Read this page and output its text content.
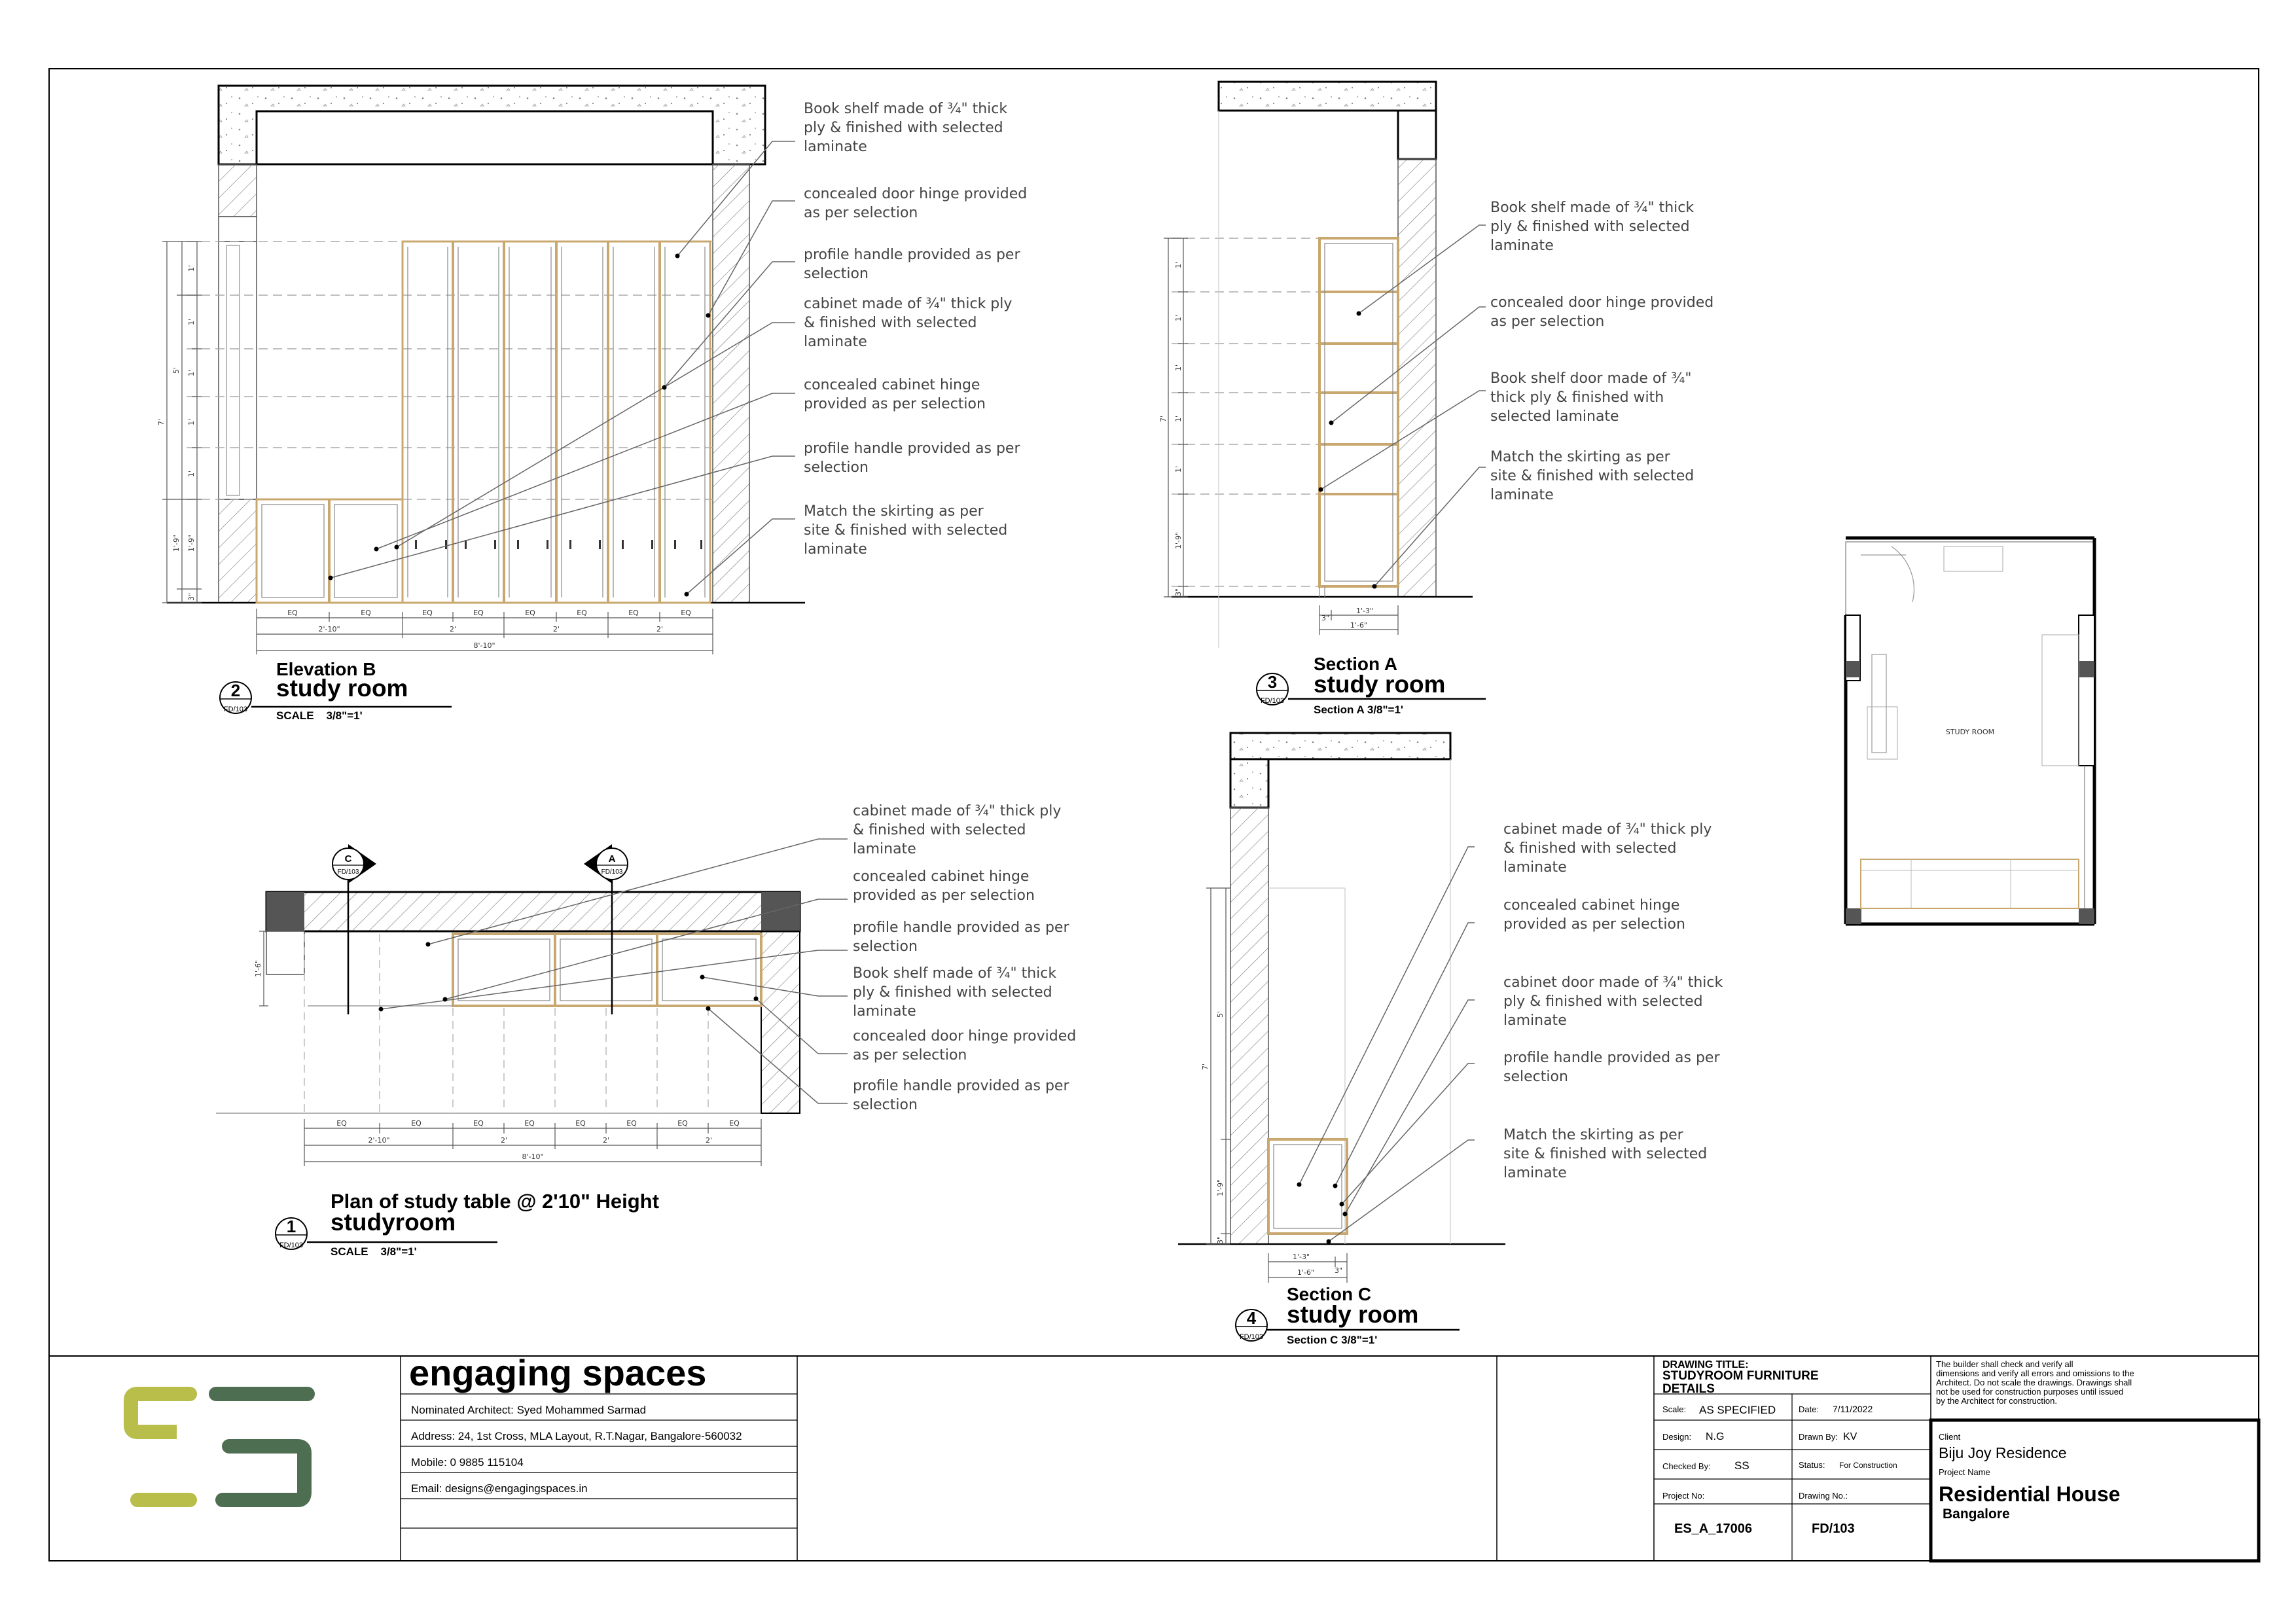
2
FD/103
Elevation B
study room
SCALE    3/8"=1'
Book shelf made of ¾" thick
ply & finished with selected
laminate
concealed door hinge provided
as per selection
profile handle provided as per
selection
cabinet made of ¾" thick ply
& finished with selected
laminate
concealed cabinet hinge
provided as per selection
profile handle provided as per
selection
Match the skirting as per
site & finished with selected
laminate
EQ	EQ	EQ	EQ	EQ	EQ	EQ	EQ
2'-10"	2'	2'	2'
8'-10"
1'
1'
1'
1'
1'
1'-9"
3"
5'
1'-9"
7'
3
FD/103
Section A
study room
Section A 3/8"=1'
Book shelf made of ¾" thick
ply & finished with selected
laminate
concealed door hinge provided
as per selection
Book shelf door made of ¾"
thick ply & finished with
selected laminate
Match the skirting as per
site & finished with selected
laminate
3"
1'-3"
1'-6"
1'
1'
1'
1'
1'
1'-9"
3"
7'
STUDY ROOM
C
FD/103
A
FD/103
1
FD/103
Plan of study table @ 2'10" Height
studyroom
SCALE    3/8"=1'
cabinet made of ¾" thick ply
& finished with selected
laminate
concealed cabinet hinge
provided as per selection
profile handle provided as per
selection
Book shelf made of ¾" thick
ply & finished with selected
laminate
concealed door hinge provided
as per selection
profile handle provided as per
selection
EQ	EQ	EQ	EQ	EQ	EQ	EQ	EQ
2'-10"	2'	2'	2'
8'-10"
1'-6"
4
FD/103
Section C
study room
Section C 3/8"=1'
cabinet made of ¾" thick ply
& finished with selected
laminate
concealed cabinet hinge
provided as per selection
cabinet door made of ¾" thick
ply & finished with selected
laminate
profile handle provided as per
selection
Match the skirting as per
site & finished with selected
laminate
1'-3"
3"
1'-6"
5'
7'
1'-9"
3"
engaging spaces
Nominated Architect: Syed Mohammed Sarmad
Address: 24, 1st Cross, MLA Layout, R.T.Nagar, Bangalore-560032
Mobile: 0 9885 115104
Email: designs@engagingspaces.in
DRAWING TITLE:
STUDYROOM FURNITURE
DETAILS
Scale: AS SPECIFIED	Date: 7/11/2022
Design: N.G	Drawn By: KV
Checked By: SS	Status: For Construction
Project No:	Drawing No.:
ES_A_17006	FD/103
The builder shall check and verify all
dimensions and verify all errors and omissions to the
Architect. Do not scale the drawings. Drawings shall
not be used for construction purposes until issued
by the Architect for construction.
Client
Biju Joy Residence
Project Name
Residential House
Bangalore
